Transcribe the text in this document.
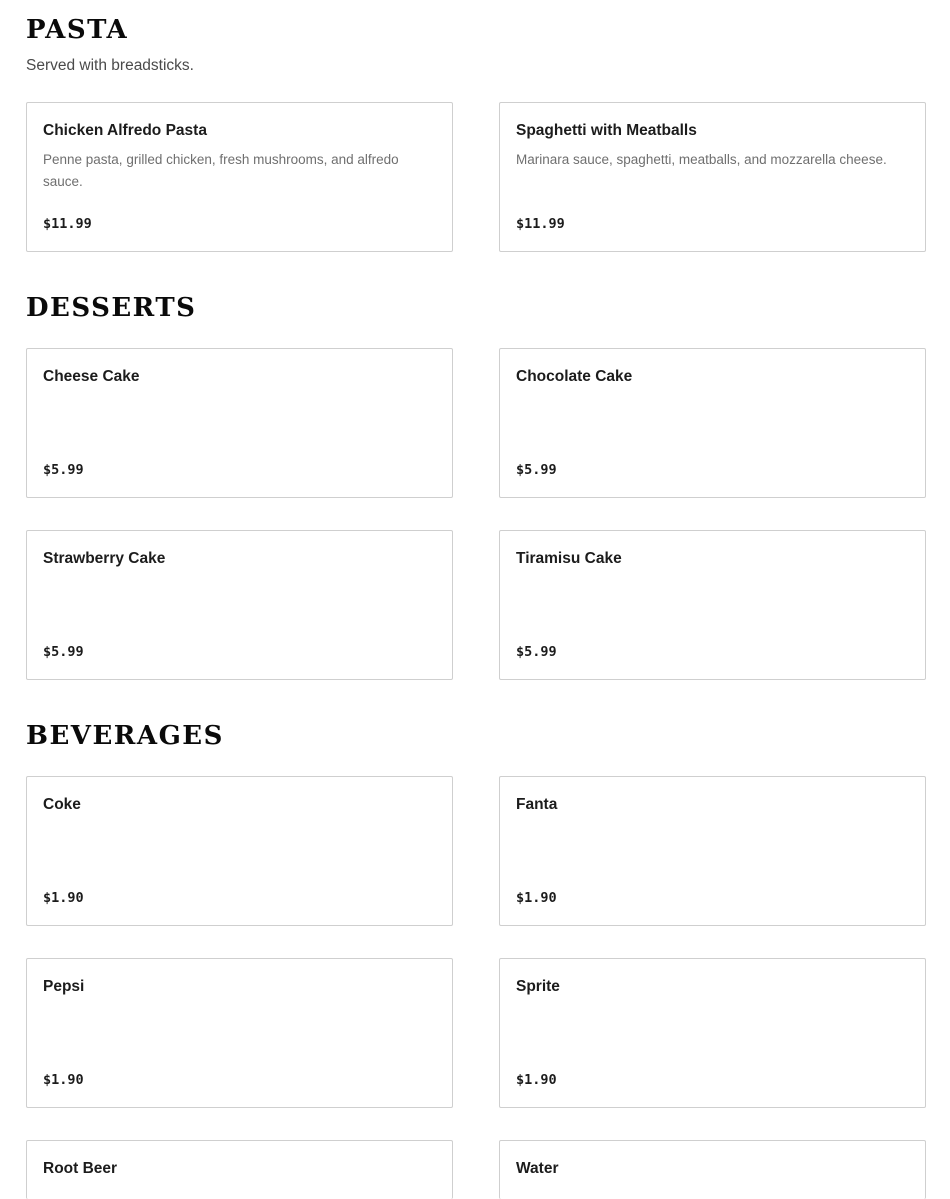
PASTA

Served with breadsticks.

Chicken Alfredo Pasta

Penne pasta, grilled chicken, fresh mushrooms, and alfredo sauce.

$11.99

Spaghetti with Meatballs

Marinara sauce, spaghetti, meatballs, and mozzarella cheese.

$11.99

DESSERTS

Cheese Cake

$5.99

Chocolate Cake

$5.99

Strawberry Cake

$5.99

Tiramisu Cake

$5.99

BEVERAGES

Coke

$1.90

Fanta

$1.90

Pepsi

$1.90

Sprite

$1.90

Root Beer	Water
